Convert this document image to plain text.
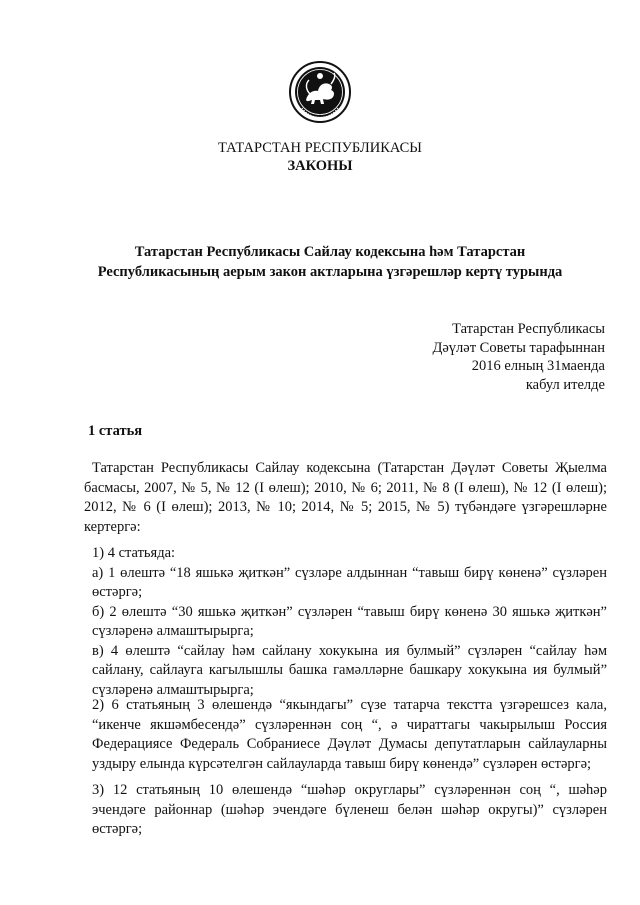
ТАТАРСТАН РЕСПУБЛИКАСЫ
ЗАКОНЫ
Татарстан Республикасы Сайлау кодексына һәм Татарстан
Республикасының аерым закон актларына үзгәрешләр кертү турында
Татарстан Республикасы
Дәүләт Советы тарафыннан
2016 елның 31маенда
кабул ителде
1 статья
Татарстан Республикасы Сайлау кодексына (Татарстан Дәүләт Советы Җыелма басмасы, 2007, № 5, № 12 (I өлеш); 2010, № 6; 2011, № 8 (I өлеш), № 12 (I өлеш); 2012, № 6 (I өлеш); 2013, № 10; 2014, № 5; 2015, № 5) түбәндәге үзгәрешләрне кертергә:
1) 4 статьяда:
а) 1 өлештә “18 яшькә җиткән” сүзләре алдыннан “тавыш бирү көненә” сүзләрен өстәргә;
б) 2 өлештә “30 яшькә җиткән” сүзләрен “тавыш бирү көненә 30 яшькә җиткән” сүзләренә алмаштырырга;
в) 4 өлештә “сайлау һәм сайлану хокукына ия булмый” сүзләрен “сайлау һәм сайлану, сайлауга кагылышлы башка гамәлләрне башкару хокукына ия булмый” сүзләренә алмаштырырга;
2) 6 статьяның 3 өлешендә “якындагы” сүзе татарча текстта үзгәрешсез кала, “икенче якшәмбесендә” сүзләреннән соң “, ә чираттагы чакырылыш Россия Федерациясе Федераль Собраниесе Дәүләт Думасы депутатларын сайлауларны уздыру елында күрсәтелгән сайлауларда тавыш бирү көнендә” сүзләрен өстәргә;
3) 12 статьяның 10 өлешендә “шәһәр округлары” сүзләреннән соң “, шәһәр эчендәге районнар (шәһәр эчендәге бүленеш белән шәһәр округы)” сүзләрен өстәргә;
